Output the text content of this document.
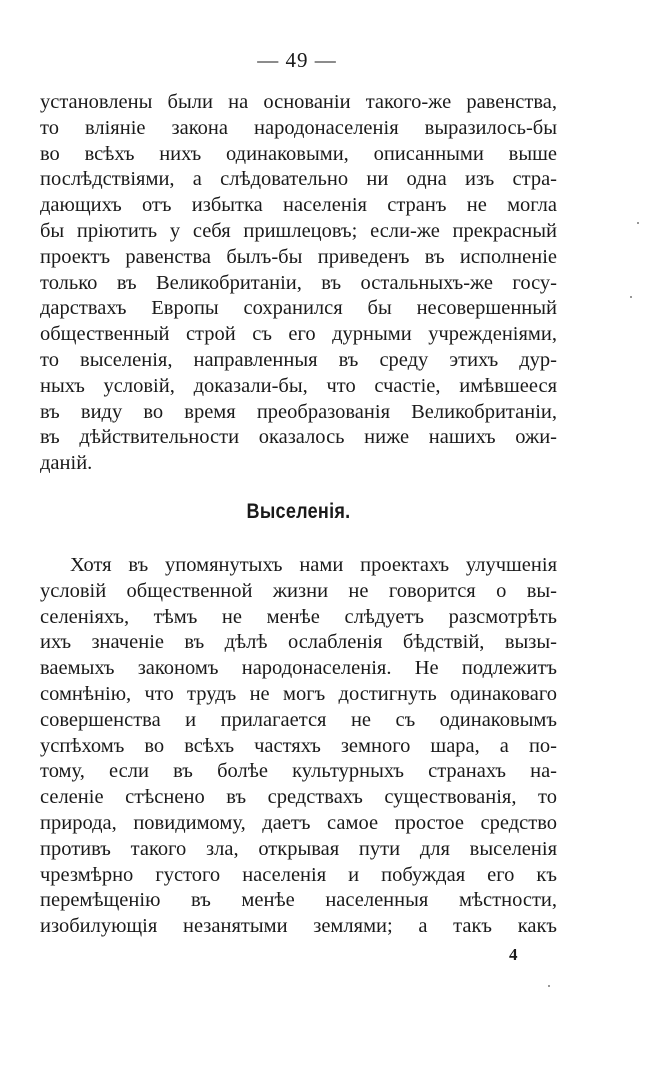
— 49 —
установлены были на основаніи такого-же равенства,
то вліяніе закона народонаселенія выразилось-бы
во всѣхъ нихъ одинаковыми, описанными выше
послѣдствіями, а слѣдовательно ни одна изъ стра-
дающихъ отъ избытка населенія странъ не могла
бы пріютить у себя пришлецовъ; если-же прекрасный
проектъ равенства былъ-бы приведенъ въ исполненіе
только въ Великобританіи, въ остальныхъ-же госу-
дарствахъ Европы сохранился бы несовершенный
общественный строй съ его дурными учрежденіями,
то выселенія, направленныя въ среду этихъ дур-
ныхъ условій, доказали-бы, что счастіе, имѣвшееся
въ виду во время преобразованія Великобританіи,
въ дѣйствительности оказалось ниже нашихъ ожи-
даній.
Выселенія.
Хотя въ упомянутыхъ нами проектахъ улучшенія
условій общественной жизни не говорится о вы-
селеніяхъ, тѣмъ не менѣе слѣдуетъ разсмотрѣть
ихъ значеніе въ дѣлѣ ослабленія бѣдствій, вызы-
ваемыхъ закономъ народонаселенія. Не подлежитъ
сомнѣнію, что трудъ не могъ достигнуть одинаковаго
совершенства и прилагается не съ одинаковымъ
успѣхомъ во всѣхъ частяхъ земного шара, а по-
тому, если въ болѣе культурныхъ странахъ на-
селеніе стѣснено въ средствахъ существованія, то
природа, повидимому, даетъ самое простое средство
противъ такого зла, открывая пути для выселенія
чрезмѣрно густого населенія и побуждая его къ
перемѣщенію въ менѣе населенныя мѣстности,
изобилующія незанятыми землями; а такъ какъ
4
